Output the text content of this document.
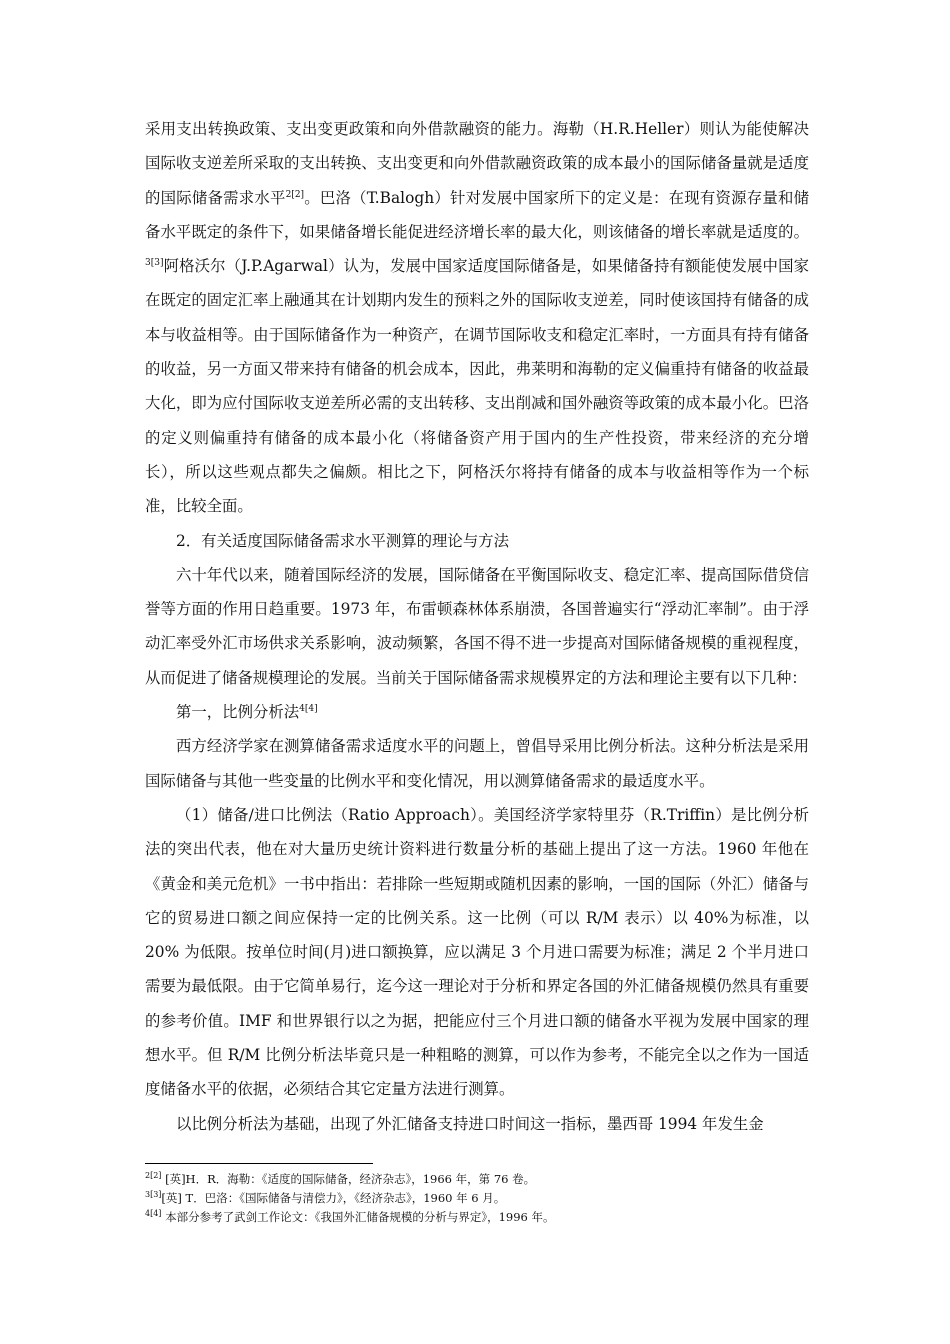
采用支出转换政策、支出变更政策和向外借款融资的能力。海勒（H.R.Heller）则认为能使解决国际收支逆差所采取的支出转换、支出变更和向外借款融资政策的成本最小的国际储备量就是适度的国际储备需求水平$^{2[2]}$。巴洛（T.Balogh）针对发展中国家所下的定义是：在现有资源存量和储备水平既定的条件下，如果储备增长能促进经济增长率的最大化，则该储备的增长率就是适度的。$^{3[3]}$阿格沃尔（J.P.Agarwal）认为，发展中国家适度国际储备是，如果储备持有额能使发展中国家在既定的固定汇率上融通其在计划期内发生的预料之外的国际收支逆差，同时使该国持有储备的成本与收益相等。由于国际储备作为一种资产，在调节国际收支和稳定汇率时，一方面具有持有储备的收益，另一方面又带来持有储备的机会成本，因此，弗莱明和海勒的定义偏重持有储备的收益最大化，即为应付国际收支逆差所必需的支出转移、支出削减和国外融资等政策的成本最小化。巴洛的定义则偏重持有储备的成本最小化（将储备资产用于国内的生产性投资，带来经济的充分增长），所以这些观点都失之偏颇。相比之下，阿格沃尔将持有储备的成本与收益相等作为一个标准，比较全面。

2．有关适度国际储备需求水平测算的理论与方法

六十年代以来，随着国际经济的发展，国际储备在平衡国际收支、稳定汇率、提高国际借贷信誉等方面的作用日趋重要。1973 年，布雷顿森林体系崩溃，各国普遍实行“浮动汇率制”。由于浮动汇率受外汇市场供求关系影响，波动频繁，各国不得不进一步提高对国际储备规模的重视程度，从而促进了储备规模理论的发展。当前关于国际储备需求规模界定的方法和理论主要有以下几种：

第一，比例分析法$^{4[4]}$

西方经济学家在测算储备需求适度水平的问题上，曾倡导采用比例分析法。这种分析法是采用国际储备与其他一些变量的比例水平和变化情况，用以测算储备需求的最适度水平。

（1）储备/进口比例法（Ratio Approach）。美国经济学家特里芬（R.Triffin）是比例分析法的突出代表，他在对大量历史统计资料进行数量分析的基础上提出了这一方法。1960 年他在《黄金和美元危机》一书中指出：若排除一些短期或随机因素的影响，一国的国际（外汇）储备与它的贸易进口额之间应保持一定的比例关系。这一比例（可以 R/M 表示）以 40%为标准，以 20% 为低限。按单位时间(月)进口额换算，应以满足 3 个月进口需要为标准；满足 2 个半月进口需要为最低限。由于它简单易行，迄今这一理论对于分析和界定各国的外汇储备规模仍然具有重要的参考价值。IMF 和世界银行以之为据，把能应付三个月进口额的储备水平视为发展中国家的理想水平。但 R/M 比例分析法毕竟只是一种粗略的测算，可以作为参考，不能完全以之作为一国适度储备水平的依据，必须结合其它定量方法进行测算。

以比例分析法为基础，出现了外汇储备支持进口时间这一指标，墨西哥 1994 年发生金

$^{2[2]}$ [英]H．R．海勒：《适度的国际储备，经济杂志》，1966 年，第 76 卷。

$^{3[3]}$[英] T．巴洛：《国际储备与清偿力》，《经济杂志》，1960 年 6 月。

$^{4[4]}$ 本部分参考了武剑工作论文：《我国外汇储备规模的分析与界定》，1996 年。
